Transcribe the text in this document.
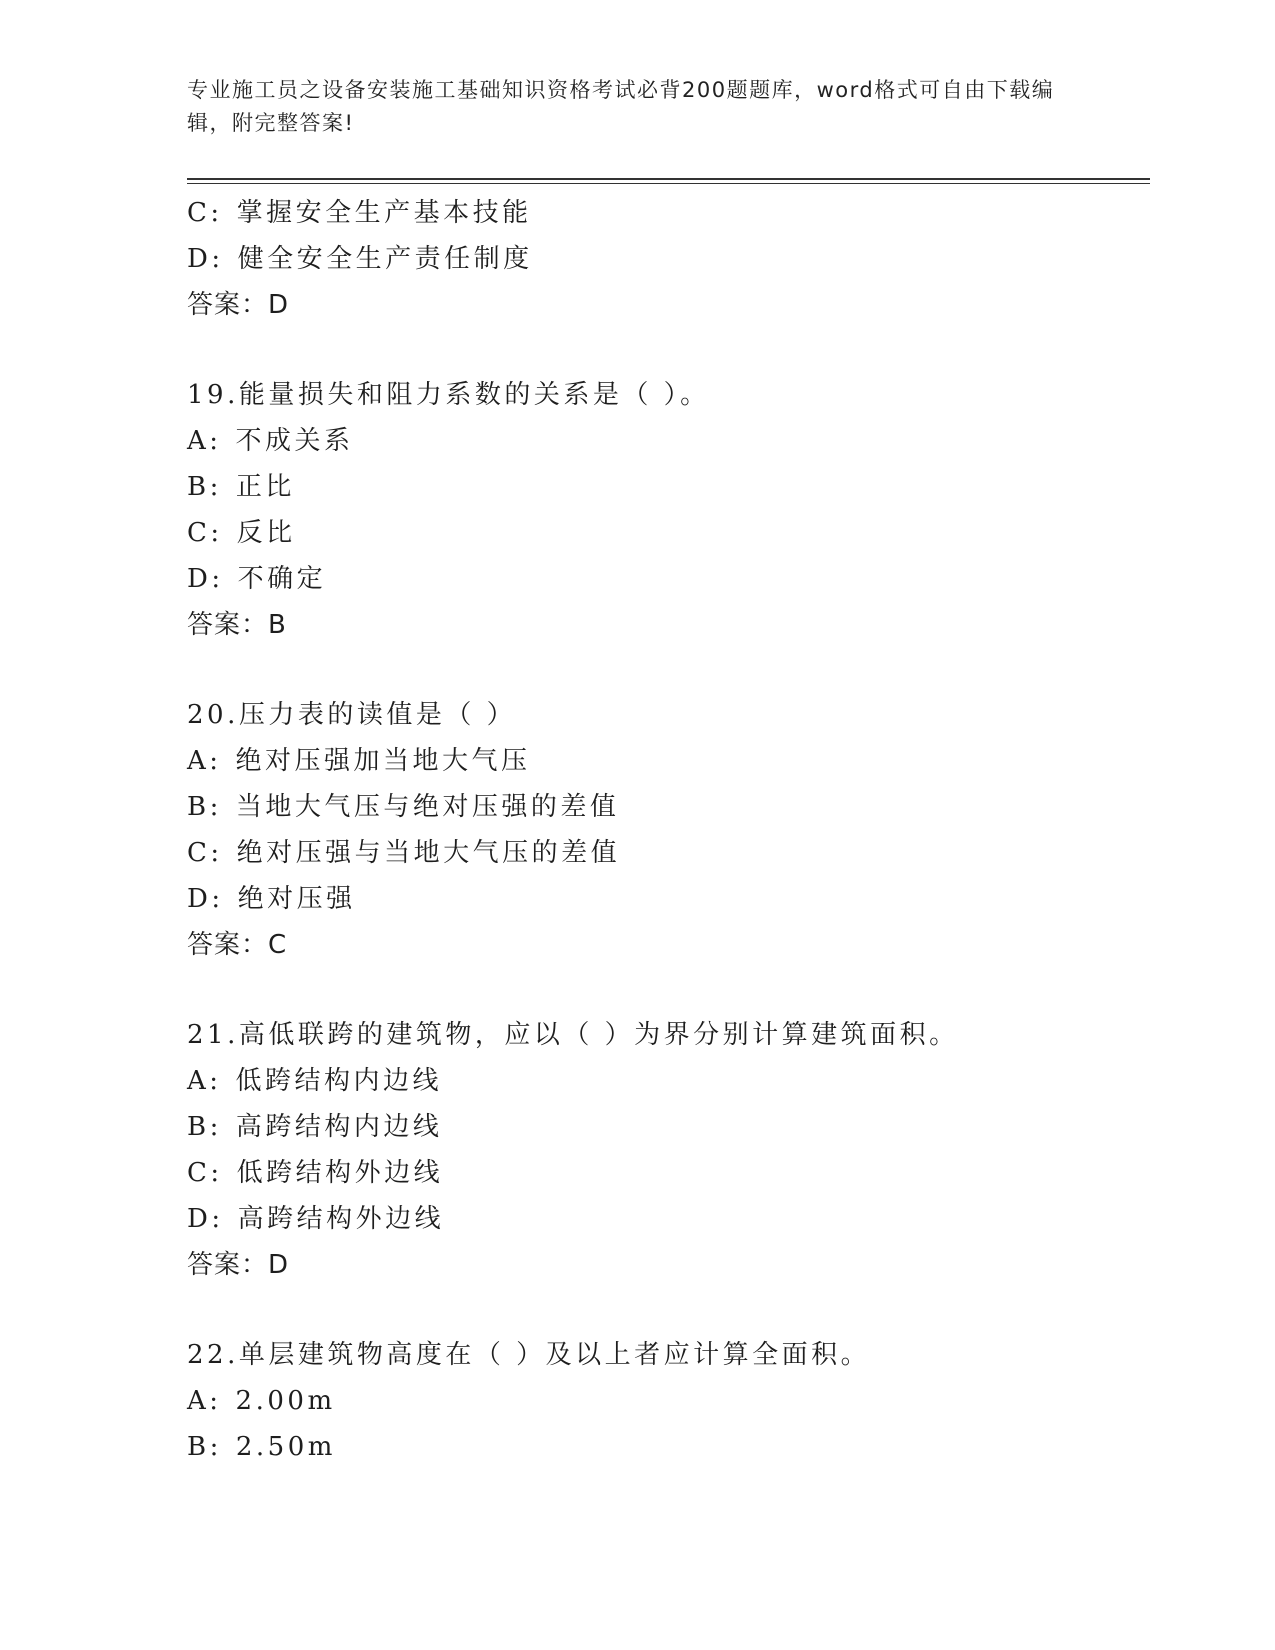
专业施工员之设备安装施工基础知识资格考试必背200题题库，word格式可自由下载编辑，附完整答案!
C: 掌握安全生产基本技能
D: 健全安全生产责任制度
答案：D
19.能量损失和阻力系数的关系是（ ）。
A: 不成关系
B: 正比
C: 反比
D: 不确定
答案：B
20.压力表的读值是（ ）
A: 绝对压强加当地大气压
B: 当地大气压与绝对压强的差值
C: 绝对压强与当地大气压的差值
D: 绝对压强
答案：C
21.高低联跨的建筑物，应以（ ）为界分别计算建筑面积。
A: 低跨结构内边线
B: 高跨结构内边线
C: 低跨结构外边线
D: 高跨结构外边线
答案：D
22.单层建筑物高度在（ ）及以上者应计算全面积。
A: 2.00m
B: 2.50m
